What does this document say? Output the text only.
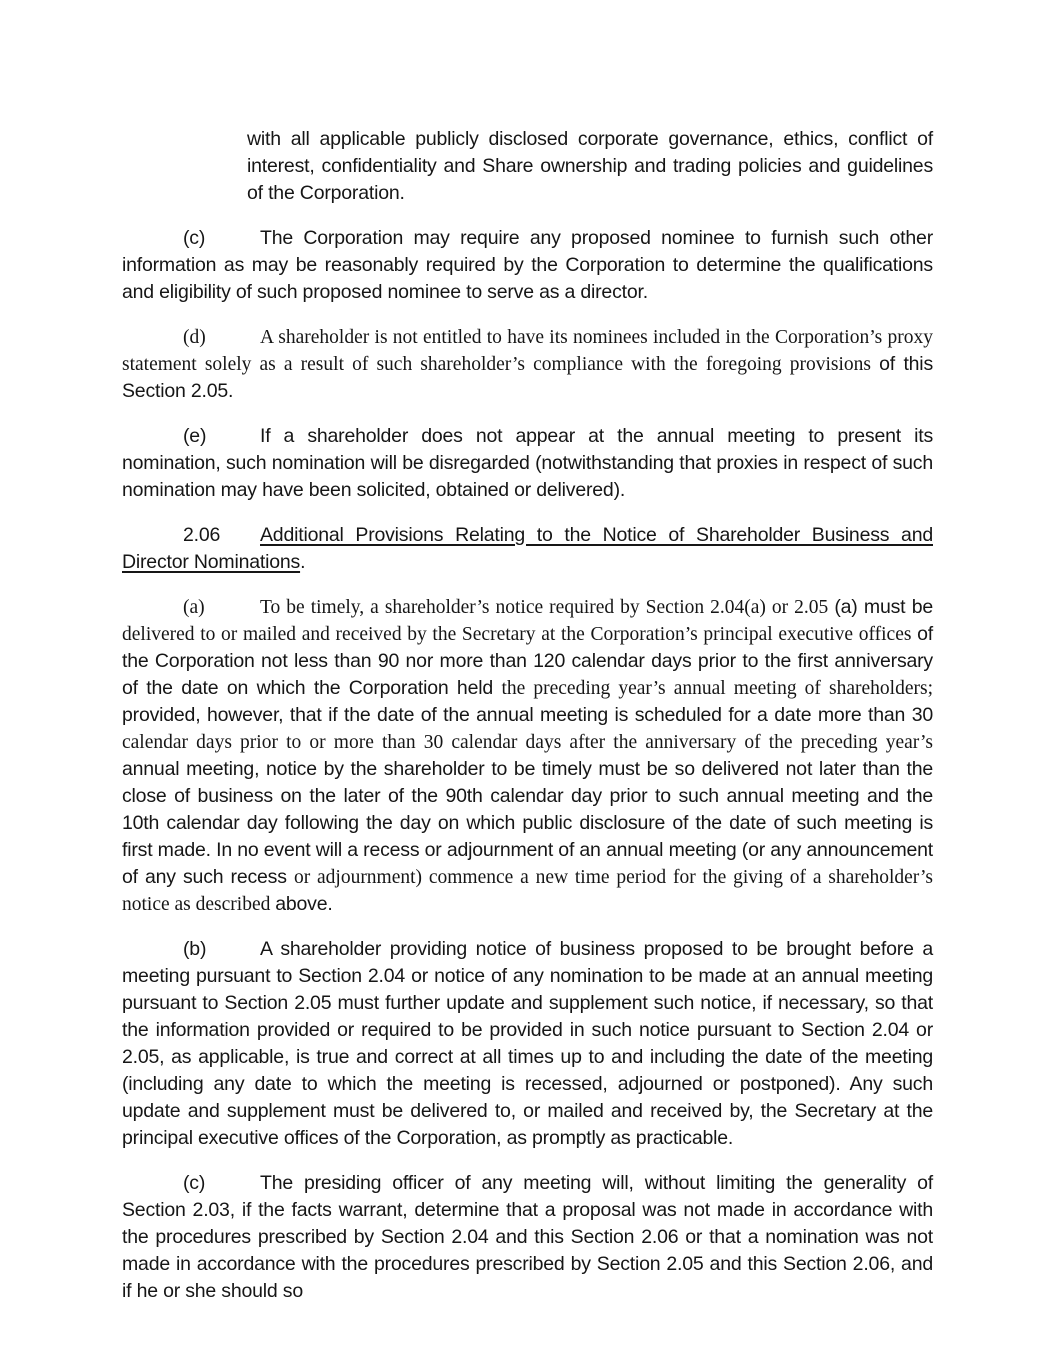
with all applicable publicly disclosed corporate governance, ethics, conflict of interest, confidentiality and Share ownership and trading policies and guidelines of the Corporation.

(c)	The Corporation may require any proposed nominee to furnish such other information as may be reasonably required by the Corporation to determine the qualifications and eligibility of such proposed nominee to serve as a director.

(d)	A shareholder is not entitled to have its nominees included in the Corporation’s proxy statement solely as a result of such shareholder’s compliance with the foregoing provisions of this Section 2.05.

(e)	If a shareholder does not appear at the annual meeting to present its nomination, such nomination will be disregarded (notwithstanding that proxies in respect of such nomination may have been solicited, obtained or delivered).

2.06 Additional Provisions Relating to the Notice of Shareholder Business and Director Nominations.

(a)	To be timely, a shareholder’s notice required by Section 2.04(a) or 2.05 (a) must be delivered to or mailed and received by the Secretary at the Corporation’s principal executive offices of the Corporation not less than 90 nor more than 120 calendar days prior to the first anniversary of the date on which the Corporation held the preceding year’s annual meeting of shareholders; provided, however, that if the date of the annual meeting is scheduled for a date more than 30 calendar days prior to or more than 30 calendar days after the anniversary of the preceding year’s annual meeting, notice by the shareholder to be timely must be so delivered not later than the close of business on the later of the 90th calendar day prior to such annual meeting and the 10th calendar day following the day on which public disclosure of the date of such meeting is first made. In no event will a recess or adjournment of an annual meeting (or any announcement of any such recess or adjournment) commence a new time period for the giving of a shareholder’s notice as described above.

(b)	A shareholder providing notice of business proposed to be brought before a meeting pursuant to Section 2.04 or notice of any nomination to be made at an annual meeting pursuant to Section 2.05 must further update and supplement such notice, if necessary, so that the information provided or required to be provided in such notice pursuant to Section 2.04 or 2.05, as applicable, is true and correct at all times up to and including the date of the meeting (including any date to which the meeting is recessed, adjourned or postponed). Any such update and supplement must be delivered to, or mailed and received by, the Secretary at the principal executive offices of the Corporation, as promptly as practicable.

(c)	The presiding officer of any meeting will, without limiting the generality of Section 2.03, if the facts warrant, determine that a proposal was not made in accordance with the procedures prescribed by Section 2.04 and this Section 2.06 or that a nomination was not made in accordance with the procedures prescribed by Section 2.05 and this Section 2.06, and if he or she should so
